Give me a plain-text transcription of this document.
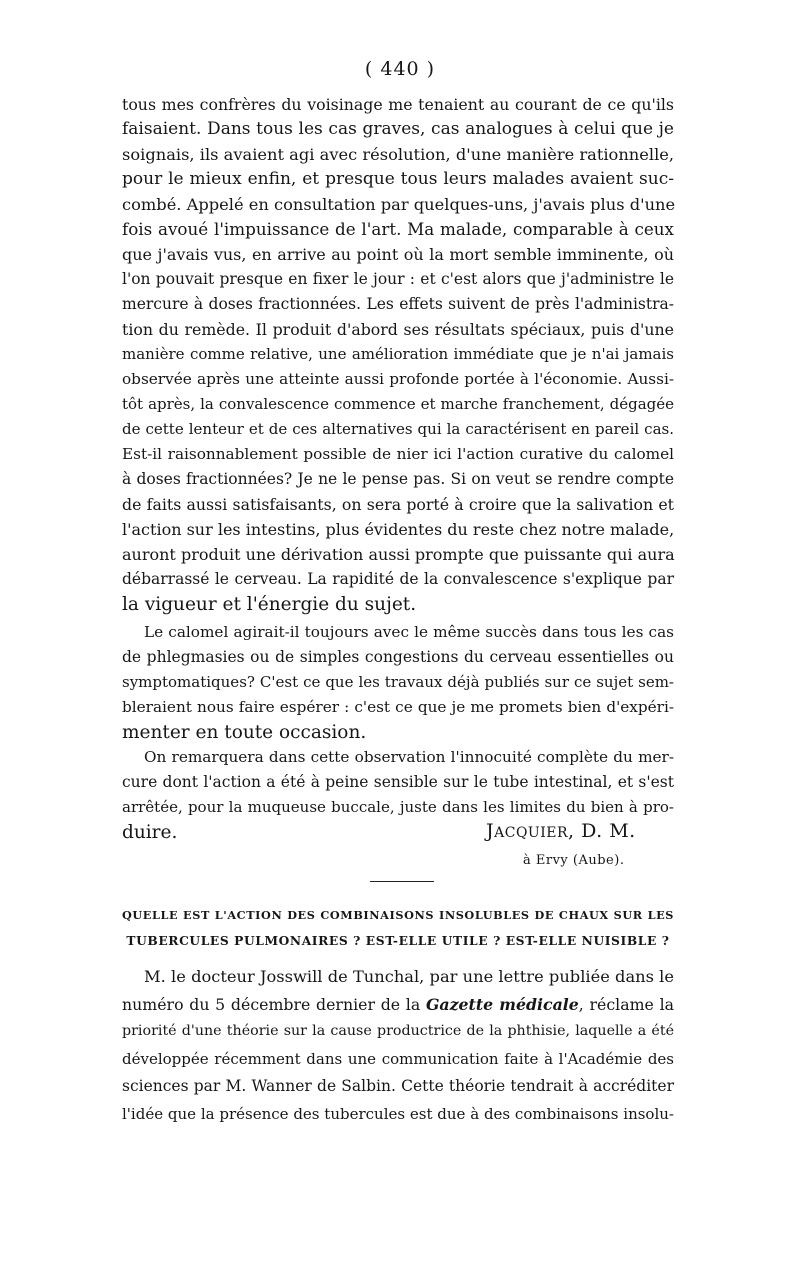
( 440 )
tous mes confrères du voisinage me tenaient au courant de ce qu'ils
faisaient. Dans tous les cas graves, cas analogues à celui que je
soignais, ils avaient agi avec résolution, d'une manière rationnelle,
pour le mieux enfin, et presque tous leurs malades avaient suc-
combé. Appelé en consultation par quelques-uns, j'avais plus d'une
fois avoué l'impuissance de l'art. Ma malade, comparable à ceux
que j'avais vus, en arrive au point où la mort semble imminente, où
l'on pouvait presque en fixer le jour : et c'est alors que j'administre le
mercure à doses fractionnées. Les effets suivent de près l'administra-
tion du remède. Il produit d'abord ses résultats spéciaux, puis d'une
manière comme relative, une amélioration immédiate que je n'ai jamais
observée après une atteinte aussi profonde portée à l'économie. Aussi-
tôt après, la convalescence commence et marche franchement, dégagée
de cette lenteur et de ces alternatives qui la caractérisent en pareil cas.
Est-il raisonnablement possible de nier ici l'action curative du calomel
à doses fractionnées? Je ne le pense pas. Si on veut se rendre compte
de faits aussi satisfaisants, on sera porté à croire que la salivation et
l'action sur les intestins, plus évidentes du reste chez notre malade,
auront produit une dérivation aussi prompte que puissante qui aura
débarrassé le cerveau. La rapidité de la convalescence s'explique par
la vigueur et l'énergie du sujet.
Le calomel agirait-il toujours avec le même succès dans tous les cas
de phlegmasies ou de simples congestions du cerveau essentielles ou
symptomatiques? C'est ce que les travaux déjà publiés sur ce sujet sem-
bleraient nous faire espérer : c'est ce que je me promets bien d'expéri-
menter en toute occasion.
On remarquera dans cette observation l'innocuité complète du mer-
cure dont l'action a été à peine sensible sur le tube intestinal, et s'est
arrêtée, pour la muqueuse buccale, juste dans les limites du bien à pro-
duire.	JACQUIER, D. M.
à Ervy (Aube).
QUELLE EST L'ACTION DES COMBINAISONS INSOLUBLES DE CHAUX SUR LES
TUBERCULES PULMONAIRES ? EST-ELLE UTILE ? EST-ELLE NUISIBLE ?
M. le docteur Josswill de Tunchal, par une lettre publiée dans le
numéro du 5 décembre dernier de la Gazette médicale, réclame la
priorité d'une théorie sur la cause productrice de la phthisie, laquelle a été
développée récemment dans une communication faite à l'Académie des
sciences par M. Wanner de Salbin. Cette théorie tendrait à accréditer
l'idée que la présence des tubercules est due à des combinaisons insolu-
